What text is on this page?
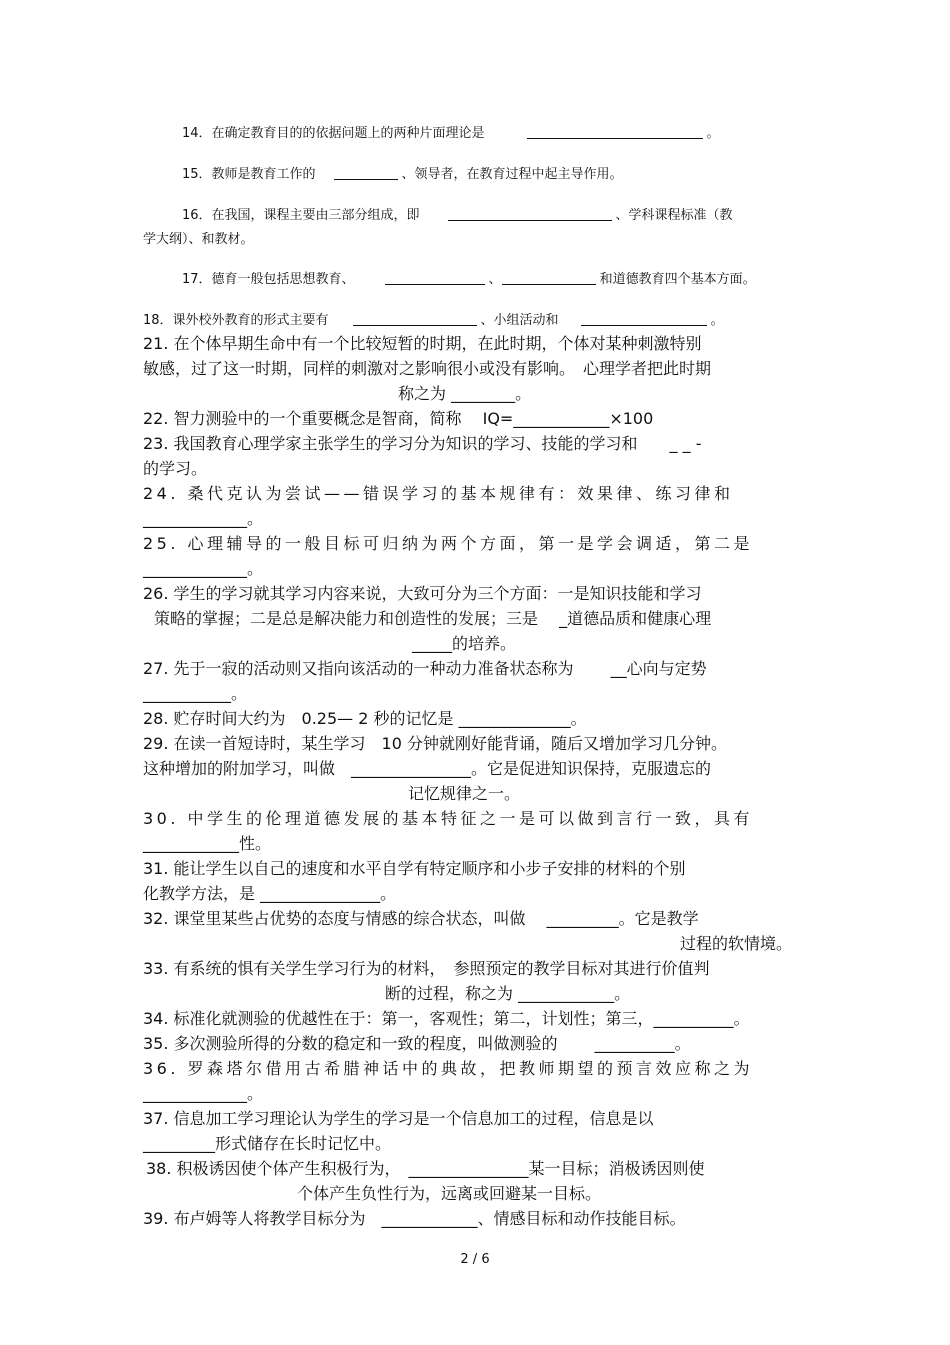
14．在确定教育目的的依据问题上的两种片面理论是	。

15．教师是教育工作的	、领导者，在教育过程中起主导作用。

16．在我国，课程主要由三部分组成，即	、学科课程标准（教

学大纲）、和教材。

17．德育一般包括思想教育、	、	和道德教育四个基本方面。

18．课外校外教育的形式主要有	、小组活动和	。

21. 在个体早期生命中有一个比较短暂的时期，在此时期，个体对某种刺激特别

敏感，过了这一时期，同样的刺激对之影响很小或没有影响。　心理学者把此时期

称之为 ________。

22. 智力测验中的一个重要概念是智商，简称　 IQ=____________×100

23. 我国教育心理学家主张学生的学习分为知识的学习、技能的学习和 _ _ -

的学习。

24. 桑代克认为尝试——错误学习的基本规律有：效果律、练习律和

_____________。

25. 心理辅导的一般目标可归纳为两个方面，第一是学会调适，第二是

_____________。

26. 学生的学习就其学习内容来说，大致可分为三个方面：一是知识技能和学习

策略的掌握；二是总是解决能力和创造性的发展；三是　 _道德品质和健康心理

_____的培养。

27. 先于一寂的活动则又指向该活动的一种动力准备状态称为　　 __心向与定势

___________。

28. 贮存时间大约为　0.25— 2 秒的记忆是 ______________。

29. 在读一首短诗时，某生学习　10 分钟就刚好能背诵，随后又增加学习几分钟。

这种增加的附加学习，叫做　_______________。它是促进知识保持，克服遗忘的

记忆规律之一。

30. 中学生的伦理道德发展的基本特征之一是可以做到言行一致，具有

____________性。

31. 能让学生以自己的速度和水平自学有特定顺序和小步子安排的材料的个别

化教学方法，是 _______________。

32. 课堂里某些占优势的态度与情感的综合状态，叫做　 _________。它是教学

过程的软情境。

33. 有系统的惧有关学生学习行为的材料，　参照预定的教学目标对其进行价值判

断的过程，称之为 ____________。

34. 标准化就测验的优越性在于：第一，客观性；第二，计划性；第三，__________。

35. 多次测验所得的分数的稳定和一致的程度，叫做测验的　　 __________。

36. 罗森塔尔借用古希腊神话中的典故，把教师期望的预言效应称之为

_____________。

37. 信息加工学习理论认为学生的学习是一个信息加工的过程，信息是以

_________形式储存在长时记忆中。

38. 积极诱因使个体产生积极行为，　_______________某一目标；消极诱因则使

个体产生负性行为，远离或回避某一目标。

39. 布卢姆等人将教学目标分为　____________、情感目标和动作技能目标。

2 / 6
